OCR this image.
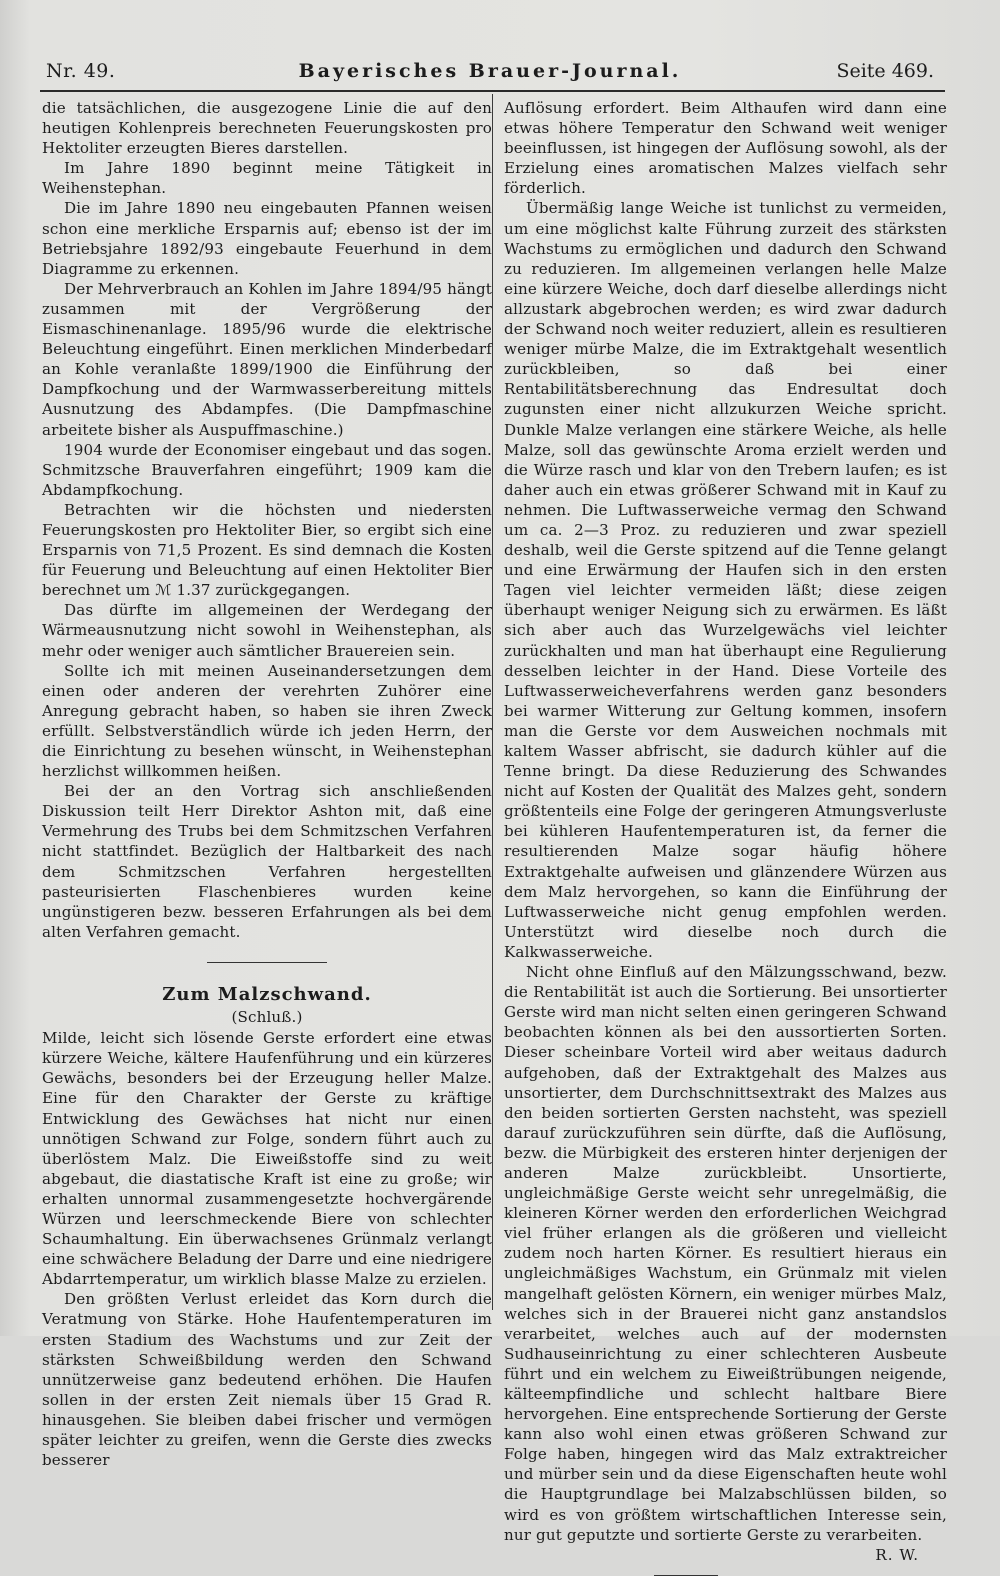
Nr. 49.	Bayerisches Brauer-Journal.	Seite 469.

die tatsächlichen, die ausgezogene Linie die auf den heutigen Kohlenpreis berechneten Feuerungskosten pro Hektoliter erzeugten Bieres darstellen.

Im Jahre 1890 beginnt meine Tätigkeit in Weihenstephan.

Die im Jahre 1890 neu eingebauten Pfannen weisen schon eine merkliche Ersparnis auf; ebenso ist der im Betriebsjahre 1892/93 eingebaute Feuerhund in dem Diagramme zu erkennen.

Der Mehrverbrauch an Kohlen im Jahre 1894/95 hängt zusammen mit der Vergrößerung der Eismaschinenanlage. 1895/96 wurde die elektrische Beleuchtung eingeführt. Einen merklichen Minderbedarf an Kohle veranlaßte 1899/1900 die Einführung der Dampfkochung und der Warmwasserbereitung mittels Ausnutzung des Abdampfes. (Die Dampfmaschine arbeitete bisher als Auspuffmaschine.)

1904 wurde der Economiser eingebaut und das sogen. Schmitzsche Brauverfahren eingeführt; 1909 kam die Abdampfkochung.

Betrachten wir die höchsten und niedersten Feuerungskosten pro Hektoliter Bier, so ergibt sich eine Ersparnis von 71,5 Prozent. Es sind demnach die Kosten für Feuerung und Beleuchtung auf einen Hektoliter Bier berechnet um ℳ 1.37 zurückgegangen.

Das dürfte im allgemeinen der Werdegang der Wärmeausnutzung nicht sowohl in Weihenstephan, als mehr oder weniger auch sämtlicher Brauereien sein.

Sollte ich mit meinen Auseinandersetzungen dem einen oder anderen der verehrten Zuhörer eine Anregung gebracht haben, so haben sie ihren Zweck erfüllt. Selbstverständlich würde ich jeden Herrn, der die Einrichtung zu besehen wünscht, in Weihenstephan herzlichst willkommen heißen.

Bei der an den Vortrag sich anschließenden Diskussion teilt Herr Direktor Ashton mit, daß eine Vermehrung des Trubs bei dem Schmitzschen Verfahren nicht stattfindet. Bezüglich der Haltbarkeit des nach dem Schmitzschen Verfahren hergestellten pasteurisierten Flaschenbieres wurden keine ungünstigeren bezw. besseren Erfahrungen als bei dem alten Verfahren gemacht.

Zum Malzschwand.
(Schluß.)

Milde, leicht sich lösende Gerste erfordert eine etwas kürzere Weiche, kältere Haufenführung und ein kürzeres Gewächs, besonders bei der Erzeugung heller Malze. Eine für den Charakter der Gerste zu kräftige Entwicklung des Gewächses hat nicht nur einen unnötigen Schwand zur Folge, sondern führt auch zu überlöstem Malz. Die Eiweißstoffe sind zu weit abgebaut, die diastatische Kraft ist eine zu große; wir erhalten unnormal zusammengesetzte hochvergärende Würzen und leerschmeckende Biere von schlechter Schaumhaltung. Ein überwachsenes Grünmalz verlangt eine schwächere Beladung der Darre und eine niedrigere Abdarrtemperatur, um wirklich blasse Malze zu erzielen.

Den größten Verlust erleidet das Korn durch die Veratmung von Stärke. Hohe Haufentemperaturen im ersten Stadium des Wachstums und zur Zeit der stärksten Schweißbildung werden den Schwand unnützerweise ganz bedeutend erhöhen. Die Haufen sollen in der ersten Zeit niemals über 15 Grad R. hinausgehen. Sie bleiben dabei frischer und vermögen später leichter zu greifen, wenn die Gerste dies zwecks besserer

Auflösung erfordert. Beim Althaufen wird dann eine etwas höhere Temperatur den Schwand weit weniger beeinflussen, ist hingegen der Auflösung sowohl, als der Erzielung eines aromatischen Malzes vielfach sehr förderlich.

Übermäßig lange Weiche ist tunlichst zu vermeiden, um eine möglichst kalte Führung zurzeit des stärksten Wachstums zu ermöglichen und dadurch den Schwand zu reduzieren. Im allgemeinen verlangen helle Malze eine kürzere Weiche, doch darf dieselbe allerdings nicht allzustark abgebrochen werden; es wird zwar dadurch der Schwand noch weiter reduziert, allein es resultieren weniger mürbe Malze, die im Extraktgehalt wesentlich zurückbleiben, so daß bei einer Rentabilitätsberechnung das Endresultat doch zugunsten einer nicht allzukurzen Weiche spricht. Dunkle Malze verlangen eine stärkere Weiche, als helle Malze, soll das gewünschte Aroma erzielt werden und die Würze rasch und klar von den Trebern laufen; es ist daher auch ein etwas größerer Schwand mit in Kauf zu nehmen. Die Luftwasserweiche vermag den Schwand um ca. 2—3 Proz. zu reduzieren und zwar speziell deshalb, weil die Gerste spitzend auf die Tenne gelangt und eine Erwärmung der Haufen sich in den ersten Tagen viel leichter vermeiden läßt; diese zeigen überhaupt weniger Neigung sich zu erwärmen. Es läßt sich aber auch das Wurzelgewächs viel leichter zurückhalten und man hat überhaupt eine Regulierung desselben leichter in der Hand. Diese Vorteile des Luftwasserweicheverfahrens werden ganz besonders bei warmer Witterung zur Geltung kommen, insofern man die Gerste vor dem Ausweichen nochmals mit kaltem Wasser abfrischt, sie dadurch kühler auf die Tenne bringt. Da diese Reduzierung des Schwandes nicht auf Kosten der Qualität des Malzes geht, sondern größtenteils eine Folge der geringeren Atmungsverluste bei kühleren Haufentemperaturen ist, da ferner die resultierenden Malze sogar häufig höhere Extraktgehalte aufweisen und glänzendere Würzen aus dem Malz hervorgehen, so kann die Einführung der Luftwasserweiche nicht genug empfohlen werden. Unterstützt wird dieselbe noch durch die Kalkwasserweiche.

Nicht ohne Einfluß auf den Mälzungsschwand, bezw. die Rentabilität ist auch die Sortierung. Bei unsortierter Gerste wird man nicht selten einen geringeren Schwand beobachten können als bei den aussortierten Sorten. Dieser scheinbare Vorteil wird aber weitaus dadurch aufgehoben, daß der Extraktgehalt des Malzes aus unsortierter, dem Durchschnittsextrakt des Malzes aus den beiden sortierten Gersten nachsteht, was speziell darauf zurückzuführen sein dürfte, daß die Auflösung, bezw. die Mürbigkeit des ersteren hinter derjenigen der anderen Malze zurückbleibt. Unsortierte, ungleichmäßige Gerste weicht sehr unregelmäßig, die kleineren Körner werden den erforderlichen Weichgrad viel früher erlangen als die größeren und vielleicht zudem noch harten Körner. Es resultiert hieraus ein ungleichmäßiges Wachstum, ein Grünmalz mit vielen mangelhaft gelösten Körnern, ein weniger mürbes Malz, welches sich in der Brauerei nicht ganz anstandslos verarbeitet, welches auch auf der modernsten Sudhauseinrichtung zu einer schlechteren Ausbeute führt und ein welchem zu Eiweißtrübungen neigende, kälteempfindliche und schlecht haltbare Biere hervorgehen. Eine entsprechende Sortierung der Gerste kann also wohl einen etwas größeren Schwand zur Folge haben, hingegen wird das Malz extraktreicher und mürber sein und da diese Eigenschaften heute wohl die Hauptgrundlage bei Malzabschlüssen bilden, so wird es von größtem wirtschaftlichen Interesse sein, nur gut geputzte und sortierte Gerste zu verarbeiten.

R. W.
